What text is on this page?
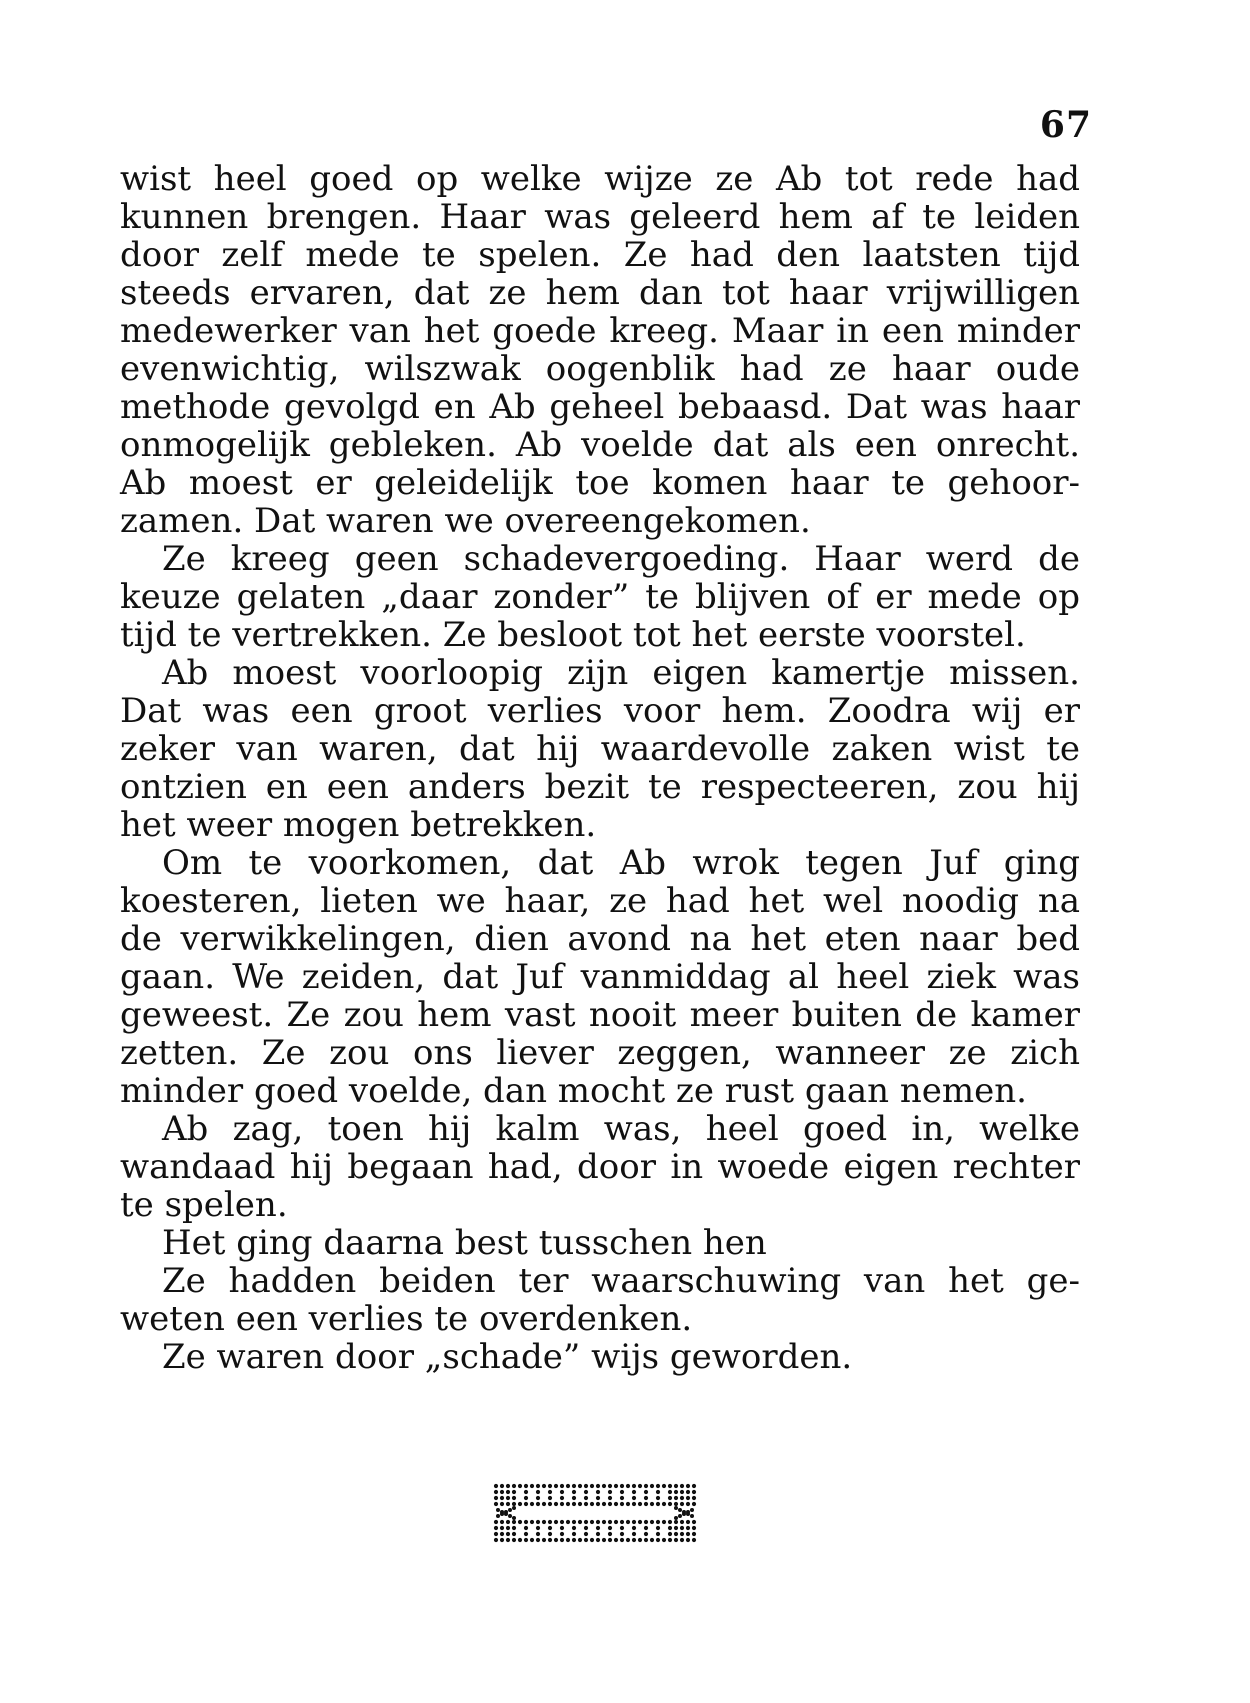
67
wist heel goed op welke wijze ze Ab tot rede had
kunnen brengen. Haar was geleerd hem af te leiden
door zelf mede te spelen. Ze had den laatsten tijd
steeds ervaren, dat ze hem dan tot haar vrijwilligen
medewerker van het goede kreeg. Maar in een minder
evenwichtig, wilszwak oogenblik had ze haar oude
methode gevolgd en Ab geheel bebaasd. Dat was haar
onmogelijk gebleken. Ab voelde dat als een onrecht.
Ab moest er geleidelijk toe komen haar te gehoor-
zamen. Dat waren we overeengekomen.
Ze kreeg geen schadevergoeding. Haar werd de
keuze gelaten „daar zonder” te blijven of er mede op
tijd te vertrekken. Ze besloot tot het eerste voorstel.
Ab moest voorloopig zijn eigen kamertje missen.
Dat was een groot verlies voor hem. Zoodra wij er
zeker van waren, dat hij waardevolle zaken wist te
ontzien en een anders bezit te respecteeren, zou hij
het weer mogen betrekken.
Om te voorkomen, dat Ab wrok tegen Juf ging
koesteren, lieten we haar, ze had het wel noodig na
de verwikkelingen, dien avond na het eten naar bed
gaan. We zeiden, dat Juf vanmiddag al heel ziek was
geweest. Ze zou hem vast nooit meer buiten de kamer
zetten. Ze zou ons liever zeggen, wanneer ze zich
minder goed voelde, dan mocht ze rust gaan nemen.
Ab zag, toen hij kalm was, heel goed in, welke
wandaad hij begaan had, door in woede eigen rechter
te spelen.
Het ging daarna best tusschen hen
Ze hadden beiden ter waarschuwing van het ge-
weten een verlies te overdenken.
Ze waren door „schade” wijs geworden.
